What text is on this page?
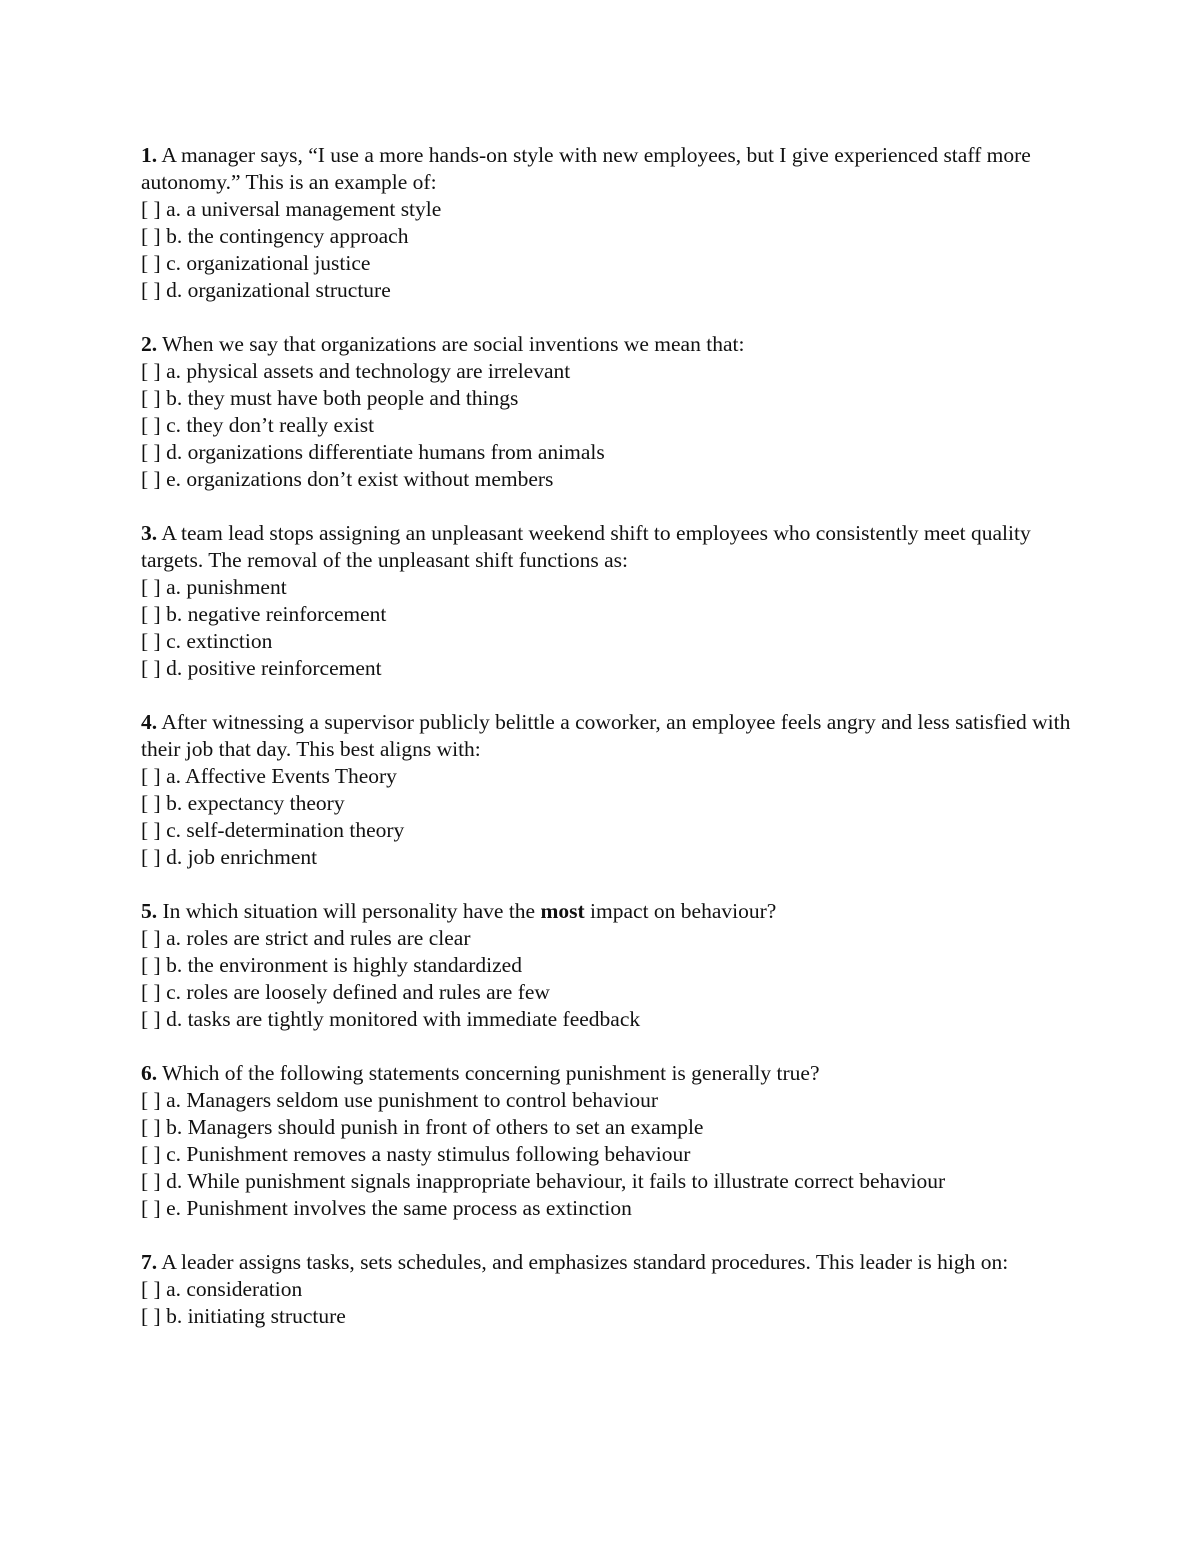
1. A manager says, “I use a more hands-on style with new employees, but I give experienced staff more autonomy.” This is an example of:

[ ] a. a universal management style
[ ] b. the contingency approach
[ ] c. organizational justice
[ ] d. organizational structure

2. When we say that organizations are social inventions we mean that:

[ ] a. physical assets and technology are irrelevant
[ ] b. they must have both people and things
[ ] c. they don’t really exist
[ ] d. organizations differentiate humans from animals
[ ] e. organizations don’t exist without members

3. A team lead stops assigning an unpleasant weekend shift to employees who consistently meet quality targets. The removal of the unpleasant shift functions as:

[ ] a. punishment
[ ] b. negative reinforcement
[ ] c. extinction
[ ] d. positive reinforcement

4. After witnessing a supervisor publicly belittle a coworker, an employee feels angry and less satisfied with their job that day. This best aligns with:

[ ] a. Affective Events Theory
[ ] b. expectancy theory
[ ] c. self-determination theory
[ ] d. job enrichment

5. In which situation will personality have the most impact on behaviour?

[ ] a. roles are strict and rules are clear
[ ] b. the environment is highly standardized
[ ] c. roles are loosely defined and rules are few
[ ] d. tasks are tightly monitored with immediate feedback

6. Which of the following statements concerning punishment is generally true?

[ ] a. Managers seldom use punishment to control behaviour
[ ] b. Managers should punish in front of others to set an example
[ ] c. Punishment removes a nasty stimulus following behaviour
[ ] d. While punishment signals inappropriate behaviour, it fails to illustrate correct behaviour
[ ] e. Punishment involves the same process as extinction

7. A leader assigns tasks, sets schedules, and emphasizes standard procedures. This leader is high on:

[ ] a. consideration
[ ] b. initiating structure
